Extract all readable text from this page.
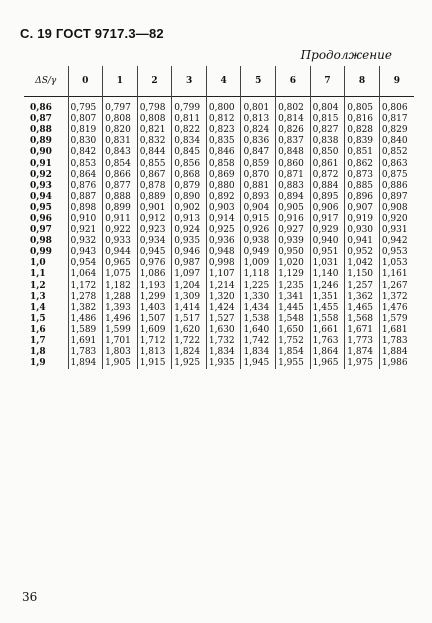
С. 19 ГОСТ 9717.3—82
Продолжение
ΔS/γ	0	1	2	3	4	5	6	7	8	9
0,86	0,795	0,797	0,798	0,799	0,800	0,801	0,802	0,804	0,805	0,806
0,87	0,807	0,808	0,808	0,811	0,812	0,813	0,814	0,815	0,816	0,817
0,88	0,819	0,820	0,821	0,822	0,823	0,824	0,826	0,827	0,828	0,829
0,89	0,830	0,831	0,832	0,834	0,835	0,836	0,837	0,838	0,839	0,840
0,90	0,842	0,843	0,844	0,845	0,846	0,847	0,848	0,850	0,851	0,852
0,91	0,853	0,854	0,855	0,856	0,858	0,859	0,860	0,861	0,862	0,863
0,92	0,864	0,866	0,867	0,868	0,869	0,870	0,871	0,872	0,873	0,875
0,93	0,876	0,877	0,878	0,879	0,880	0,881	0,883	0,884	0,885	0,886
0,94	0,887	0,888	0,889	0,890	0,892	0,893	0,894	0,895	0,896	0,897
0,95	0,898	0,899	0,901	0,902	0,903	0,904	0,905	0,906	0,907	0,908
0,96	0,910	0,911	0,912	0,913	0,914	0,915	0,916	0,917	0,919	0,920
0,97	0,921	0,922	0,923	0,924	0,925	0,926	0,927	0,929	0,930	0,931
0,98	0,932	0,933	0,934	0,935	0,936	0,938	0,939	0,940	0,941	0,942
0,99	0,943	0,944	0,945	0,946	0,948	0,949	0,950	0,951	0,952	0,953
1,0	0,954	0,965	0,976	0,987	0,998	1,009	1,020	1,031	1,042	1,053
1,1	1,064	1,075	1,086	1,097	1,107	1,118	1,129	1,140	1,150	1,161
1,2	1,172	1,182	1,193	1,204	1,214	1,225	1,235	1,246	1,257	1,267
1,3	1,278	1,288	1,299	1,309	1,320	1,330	1,341	1,351	1,362	1,372
1,4	1,382	1,393	1,403	1,414	1,424	1,434	1,445	1,455	1,465	1,476
1,5	1,486	1,496	1,507	1,517	1,527	1,538	1,548	1,558	1,568	1,579
1,6	1,589	1,599	1,609	1,620	1,630	1,640	1,650	1,661	1,671	1,681
1,7	1,691	1,701	1,712	1,722	1,732	1,742	1,752	1,763	1,773	1,783
1,8	1,783	1,803	1,813	1,824	1,834	1,834	1,854	1,864	1,874	1,884
1,9	1,894	1,905	1,915	1,925	1,935	1,945	1,955	1,965	1,975	1,986
36
